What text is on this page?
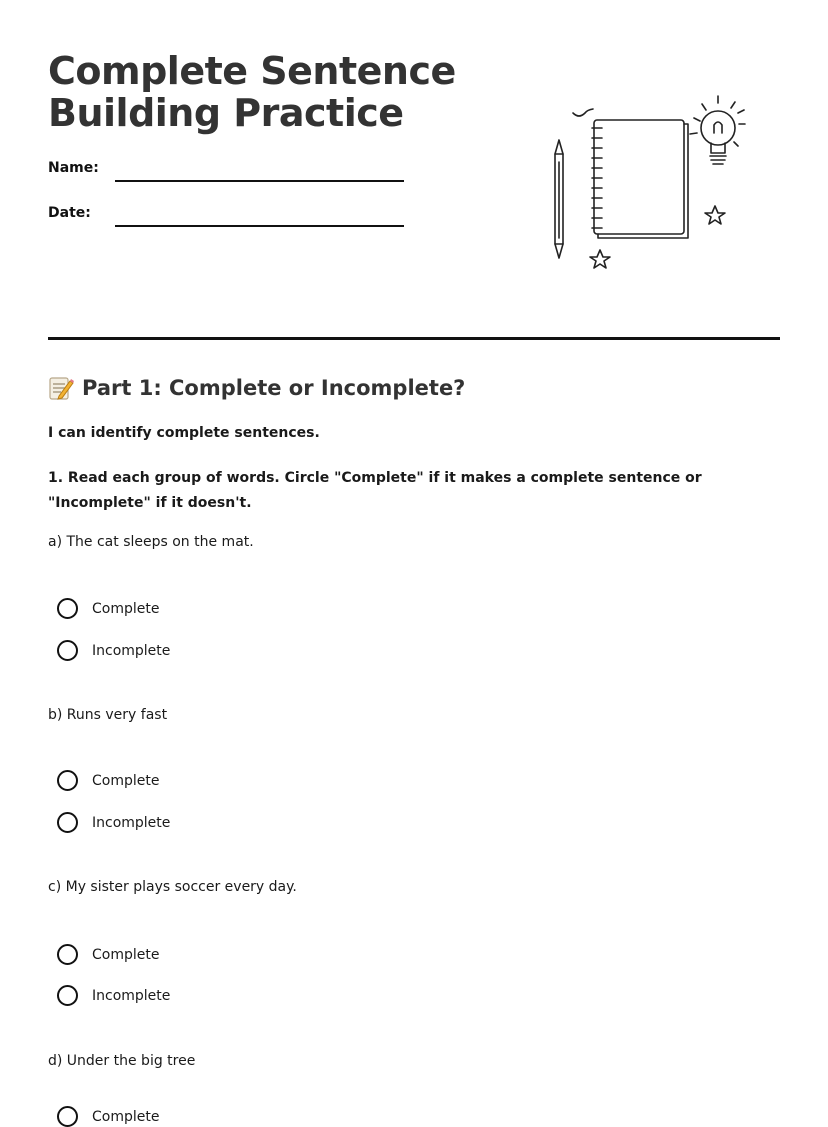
Complete Sentence
Building Practice
Name:
Date:
Part 1: Complete or Incomplete?
I can identify complete sentences.
1. Read each group of words. Circle "Complete" if it makes a complete sentence or "Incomplete" if it doesn't.
a) The cat sleeps on the mat.
Complete
Incomplete
b) Runs very fast
Complete
Incomplete
c) My sister plays soccer every day.
Complete
Incomplete
d) Under the big tree
Complete
